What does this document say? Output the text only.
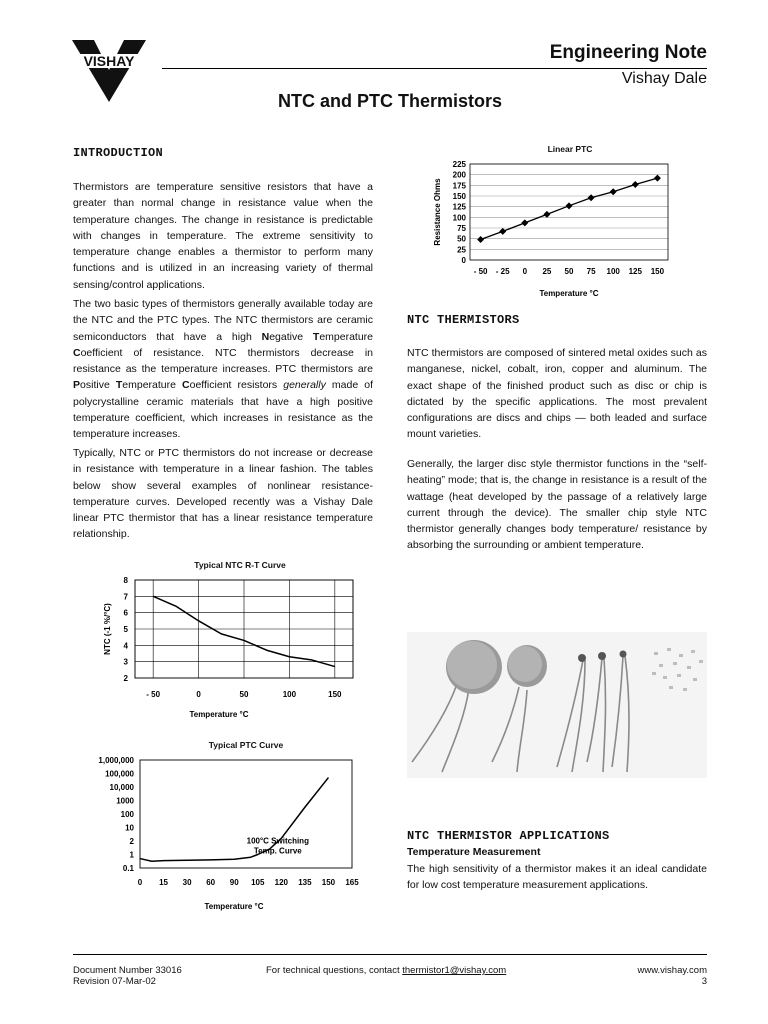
VISHAY	Engineering Note
Vishay Dale
NTC and PTC Thermistors
INTRODUCTION
Thermistors are temperature sensitive resistors that have a greater than normal change in resistance value when the temperature changes. The change in resistance is predictable with changes in temperature. The extreme sensitivity to temperature change enables a thermistor to perform many functions and is utilized in an increasing variety of thermal sensing/control applications.
The two basic types of thermistors generally available today are the NTC and the PTC types. The NTC thermistors are ceramic semiconductors that have a high Negative Temperature Coefficient of resistance. NTC thermistors decrease in resistance as the temperature increases. PTC thermistors are Positive Temperature Coefficient resistors generally made of polycrystalline ceramic materials that have a high positive temperature coefficient, which increases in resistance as the temperature increases.
Typically, NTC or PTC thermistors do not increase or decrease in resistance with temperature in a linear fashion. The tables below show several examples of nonlinear resistance-temperature curves. Developed recently was a Vishay Dale linear PTC thermistor that has a linear resistance temperature relationship.
Typical NTC R-T Curve
2
3
4
5
6
7
8
- 50	0	50	100	150
Temperature °C
NTC (-1 %/°C)
Typical PTC Curve
0.1
1
2
10
100
1000
10,000
100,000
1,000,000
0 15 30 60 90 105 120 135 150 165
100°C Switching
Temp. Curve
Temperature °C
Linear PTC
0
25
50
75
100
125
150
175
200
225
- 50 - 25 0 25 50 75 100 125 150
Temperature °C
Resistance Ohms
NTC THERMISTORS
NTC thermistors are composed of sintered metal oxides such as manganese, nickel, cobalt, iron, copper and aluminum. The exact shape of the finished product such as disc or chip is dictated by the specific applications. The most prevalent configurations are discs and chips — both leaded and surface mount varieties.
Generally, the larger disc style thermistor functions in the “self-heating” mode; that is, the change in resistance is a result of the wattage (heat developed by the passage of a relatively large current through the device). The smaller chip style NTC thermistor generally changes body temperature/ resistance by absorbing the surrounding or ambient temperature.
NTC THERMISTOR APPLICATIONS
Temperature Measurement
The high sensitivity of a thermistor makes it an ideal candidate for low cost temperature measurement applications.
Document Number 33016
Revision 07-Mar-02
For technical questions, contact thermistor1@vishay.com	www.vishay.com
3
